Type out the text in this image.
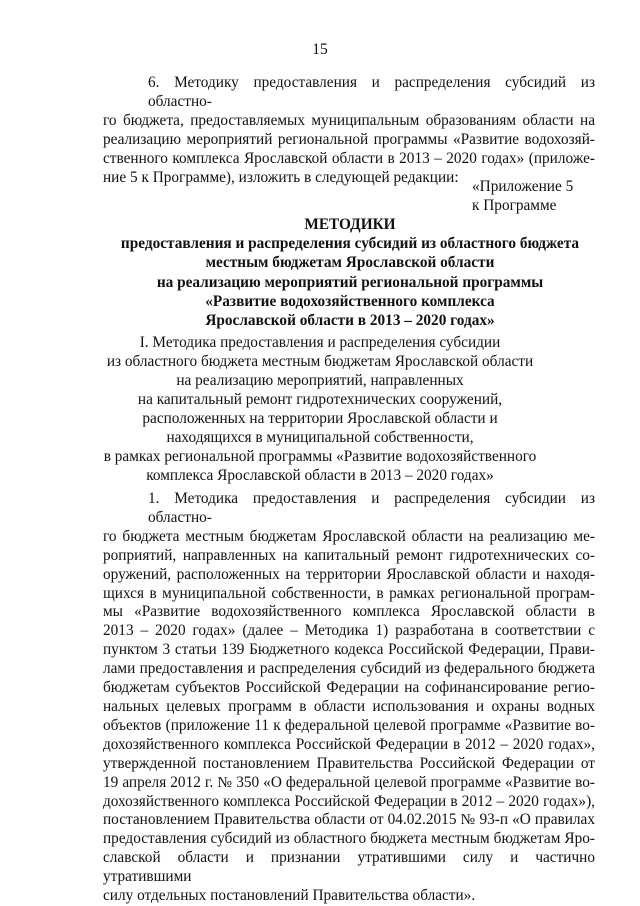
15
6. Методику предоставления и распределения субсидий из областно-
го бюджета, предоставляемых муниципальным образованиям области на
реализацию мероприятий региональной программы «Развитие водохозяй-
ственного комплекса Ярославской области в 2013 – 2020 годах» (приложе-
ние 5 к Программе), изложить в следующей редакции:
«Приложение 5
к Программе
МЕТОДИКИ
предоставления и распределения субсидий из областного бюджета
местным бюджетам Ярославской области
на реализацию мероприятий региональной программы
«Развитие водохозяйственного комплекса
Ярославской области в 2013 – 2020 годах»
I. Методика предоставления и распределения субсидии
из областного бюджета местным бюджетам Ярославской области
на реализацию мероприятий, направленных
на капитальный ремонт гидротехнических сооружений,
расположенных на территории Ярославской области и
находящихся в муниципальной собственности,
в рамках региональной программы «Развитие водохозяйственного
комплекса Ярославской области в 2013 – 2020 годах»
1. Методика предоставления и распределения субсидии из областно-
го бюджета местным бюджетам Ярославской области на реализацию ме-
роприятий, направленных на капитальный ремонт гидротехнических со-
оружений, расположенных на территории Ярославской области и находя-
щихся в муниципальной собственности, в рамках региональной програм-
мы «Развитие водохозяйственного комплекса Ярославской области в
2013 – 2020 годах» (далее – Методика 1) разработана в соответствии с
пунктом 3 статьи 139 Бюджетного кодекса Российской Федерации, Прави-
лами предоставления и распределения субсидий из федерального бюджета
бюджетам субъектов Российской Федерации на софинансирование регио-
нальных целевых программ в области использования и охраны водных
объектов (приложение 11 к федеральной целевой программе «Развитие во-
дохозяйственного комплекса Российской Федерации в 2012 – 2020 годах»,
утвержденной постановлением Правительства Российской Федерации от
19 апреля 2012 г. № 350 «О федеральной целевой программе «Развитие во-
дохозяйственного комплекса Российской Федерации в 2012 – 2020 годах»),
постановлением Правительства области от 04.02.2015 № 93-п «О правилах
предоставления субсидий из областного бюджета местным бюджетам Яро-
славской области и признании утратившими силу и частично утратившими
силу отдельных постановлений Правительства области».
